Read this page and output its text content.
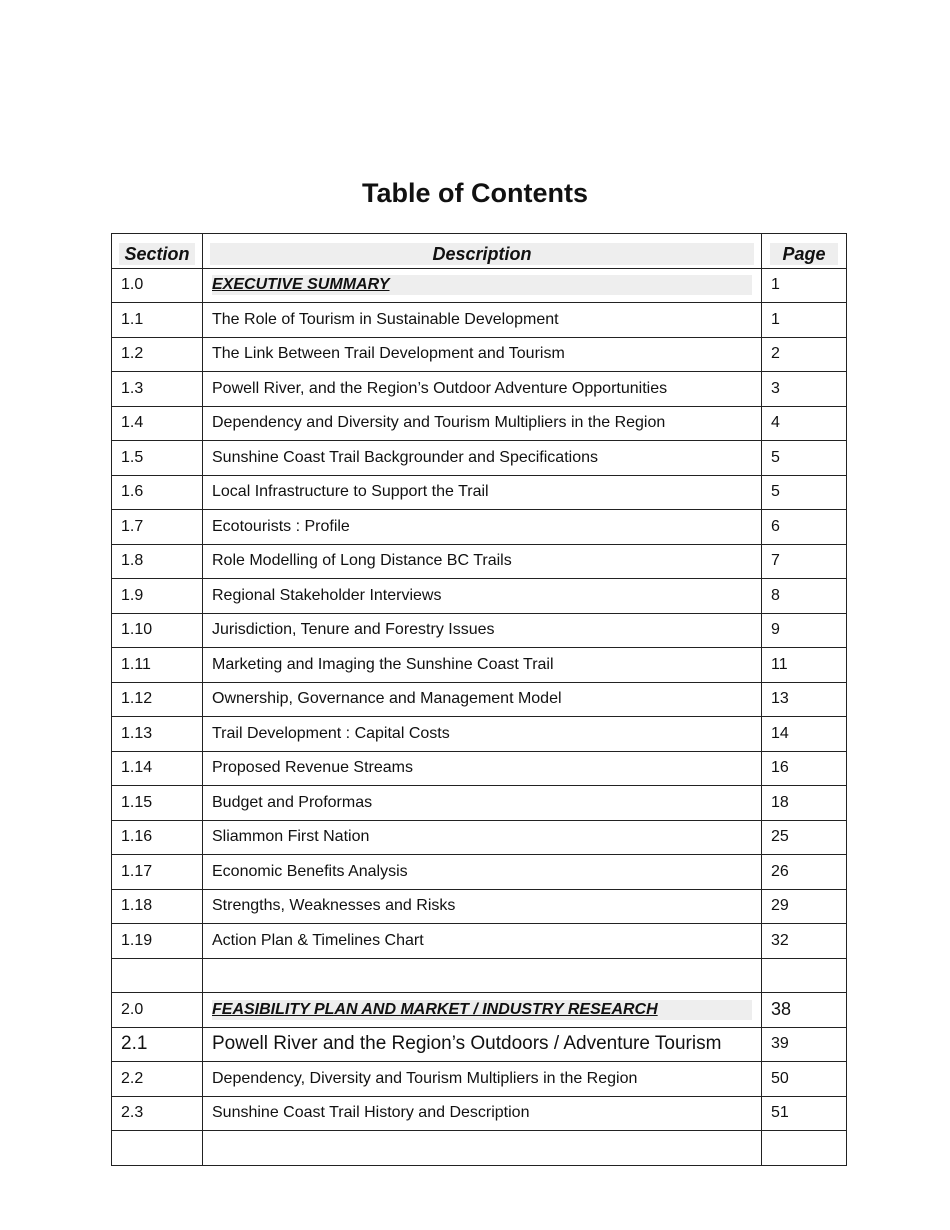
Table of Contents
Section	Description	Page

1.0	EXECUTIVE SUMMARY	1
1.1	The Role of Tourism in Sustainable Development	1
1.2	The Link Between Trail Development and Tourism	2
1.3	Powell River, and the Region’s Outdoor Adventure Opportunities	3
1.4	Dependency and Diversity and Tourism Multipliers in the Region	4
1.5	Sunshine Coast Trail Backgrounder and Specifications	5
1.6	Local Infrastructure to Support the Trail	5
1.7	Ecotourists : Profile	6
1.8	Role Modelling of Long Distance BC Trails	7
1.9	Regional Stakeholder Interviews	8
1.10	Jurisdiction, Tenure and Forestry Issues	9
1.11	Marketing and Imaging the Sunshine Coast Trail	11
1.12	Ownership, Governance and Management Model	13
1.13	Trail Development : Capital Costs	14
1.14	Proposed Revenue Streams	16
1.15	Budget and Proformas	18
1.16	Sliammon First Nation	25
1.17	Economic Benefits Analysis	26
1.18	Strengths, Weaknesses and Risks	29
1.19	Action Plan & Timelines Chart	32

2.0	FEASIBILITY PLAN AND MARKET / INDUSTRY RESEARCH	38
2.1	Powell River and the Region’s Outdoors / Adventure Tourism	39
2.2	Dependency, Diversity and Tourism Multipliers in the Region	50
2.3	Sunshine Coast Trail History and Description	51
